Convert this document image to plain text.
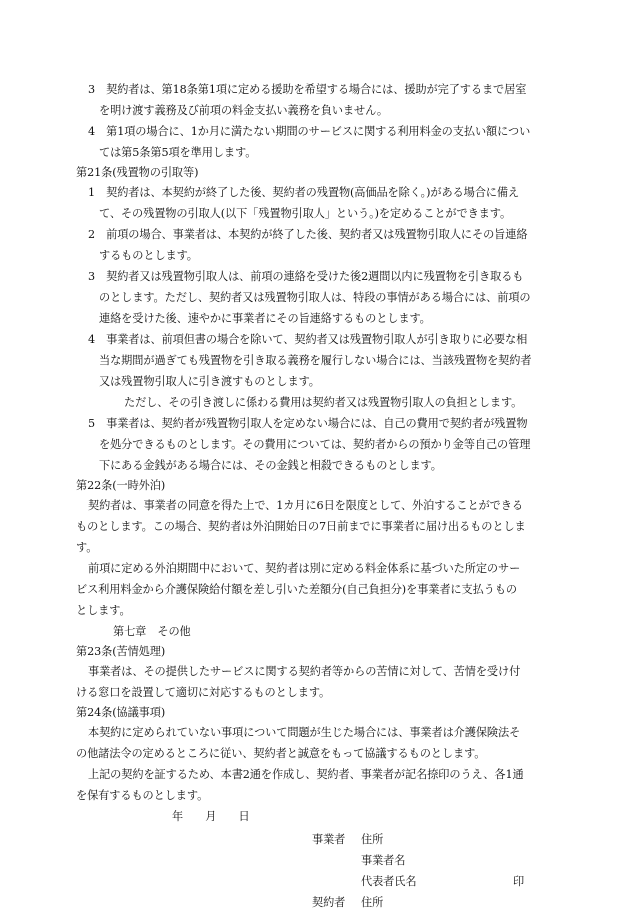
3　契約者は、第18条第1項に定める援助を希望する場合には、援助が完了するまで居室
を明け渡す義務及び前項の料金支払い義務を負いません。
4　第1項の場合に、1か月に満たない期間のサービスに関する利用料金の支払い額につい
ては第5条第5項を準用します。
第21条(残置物の引取等)
1　契約者は、本契約が終了した後、契約者の残置物(高価品を除く。)がある場合に備え
て、その残置物の引取人(以下「残置物引取人」という。)を定めることができます。
2　前項の場合、事業者は、本契約が終了した後、契約者又は残置物引取人にその旨連絡
するものとします。
3　契約者又は残置物引取人は、前項の連絡を受けた後2週間以内に残置物を引き取るも
のとします。ただし、契約者又は残置物引取人は、特段の事情がある場合には、前項の
連絡を受けた後、速やかに事業者にその旨連絡するものとします。
4　事業者は、前項但書の場合を除いて、契約者又は残置物引取人が引き取りに必要な相
当な期間が過ぎても残置物を引き取る義務を履行しない場合には、当該残置物を契約者
又は残置物引取人に引き渡すものとします。
ただし、その引き渡しに係わる費用は契約者又は残置物引取人の負担とします。
5　事業者は、契約者が残置物引取人を定めない場合には、自己の費用で契約者が残置物
を処分できるものとします。その費用については、契約者からの預かり金等自己の管理
下にある金銭がある場合には、その金銭と相殺できるものとします。
第22条(一時外泊)
契約者は、事業者の同意を得た上で、1カ月に6日を限度として、外泊することができる
ものとします。この場合、契約者は外泊開始日の7日前までに事業者に届け出るものとしま
す。
前項に定める外泊期間中において、契約者は別に定める料金体系に基づいた所定のサー
ビス利用料金から介護保険給付額を差し引いた差額分(自己負担分)を事業者に支払うもの
とします。
第七章　その他
第23条(苦情処理)
事業者は、その提供したサービスに関する契約者等からの苦情に対して、苦情を受け付
ける窓口を設置して適切に対応するものとします。
第24条(協議事項)
本契約に定められていない事項について問題が生じた場合には、事業者は介護保険法そ
の他諸法令の定めるところに従い、契約者と誠意をもって協議するものとします。
上記の契約を証するため、本書2通を作成し、契約者、事業者が記名捺印のうえ、各1通
を保有するものとします。
年　　月　　日
事業者 住所
事業者名
代表者氏名	印
契約者 住所
